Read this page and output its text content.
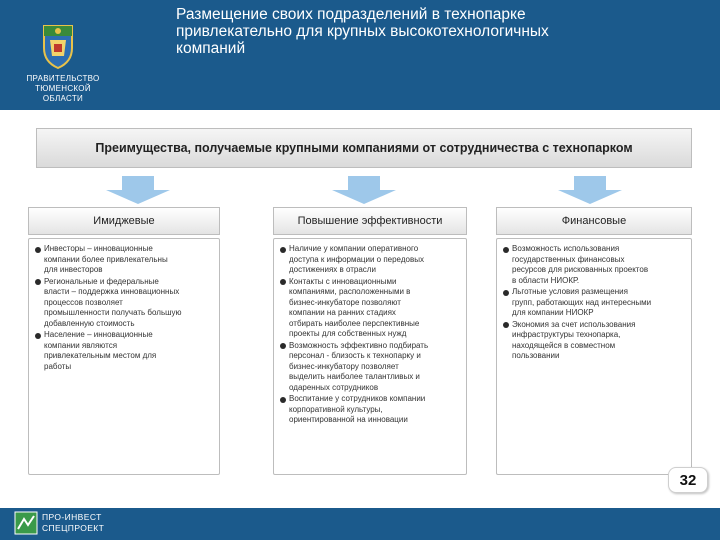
ПРАВИТЕЛЬСТВО
ТЮМЕНСКОЙ
ОБЛАСТИ
Размещение своих подразделений в технопарке
привлекательно для крупных высокотехнологичных
компаний
Преимущества, получаемые крупными компаниями от сотрудничества с технопарком
Имиджевые
Инвесторы – инновационные
компании более привлекательны
для инвесторов
Региональные и федеральные
власти – поддержка инновационных
процессов позволяет
промышленности получать большую
добавленную стоимость
Население – инновационные
компании являются
привлекательным местом для
работы
Повышение эффективности
Наличие у компании оперативного
доступа к информации о передовых
достижениях в отрасли
Контакты с инновационными
компаниями, расположенными в
бизнес-инкубаторе позволяют
компании на ранних стадиях
отбирать наиболее перспективные
проекты для собственных нужд
Возможность эффективно подбирать
персонал - близость к технопарку и
бизнес-инкубатору позволяет
выделить наиболее талантливых и
одаренных сотрудников
Воспитание у сотрудников компании
корпоративной культуры,
ориентированной на инновации
Финансовые
Возможность использования
государственных финансовых
ресурсов для рискованных проектов
в области НИОКР.
Льготные условия размещения
групп, работающих над интересными
для компании НИОКР
Экономия за счет использования
инфраструктуры технопарка,
находящейся в совместном
пользовании
32
ПРО-ИНВЕСТ
СПЕЦПРОЕКТ
